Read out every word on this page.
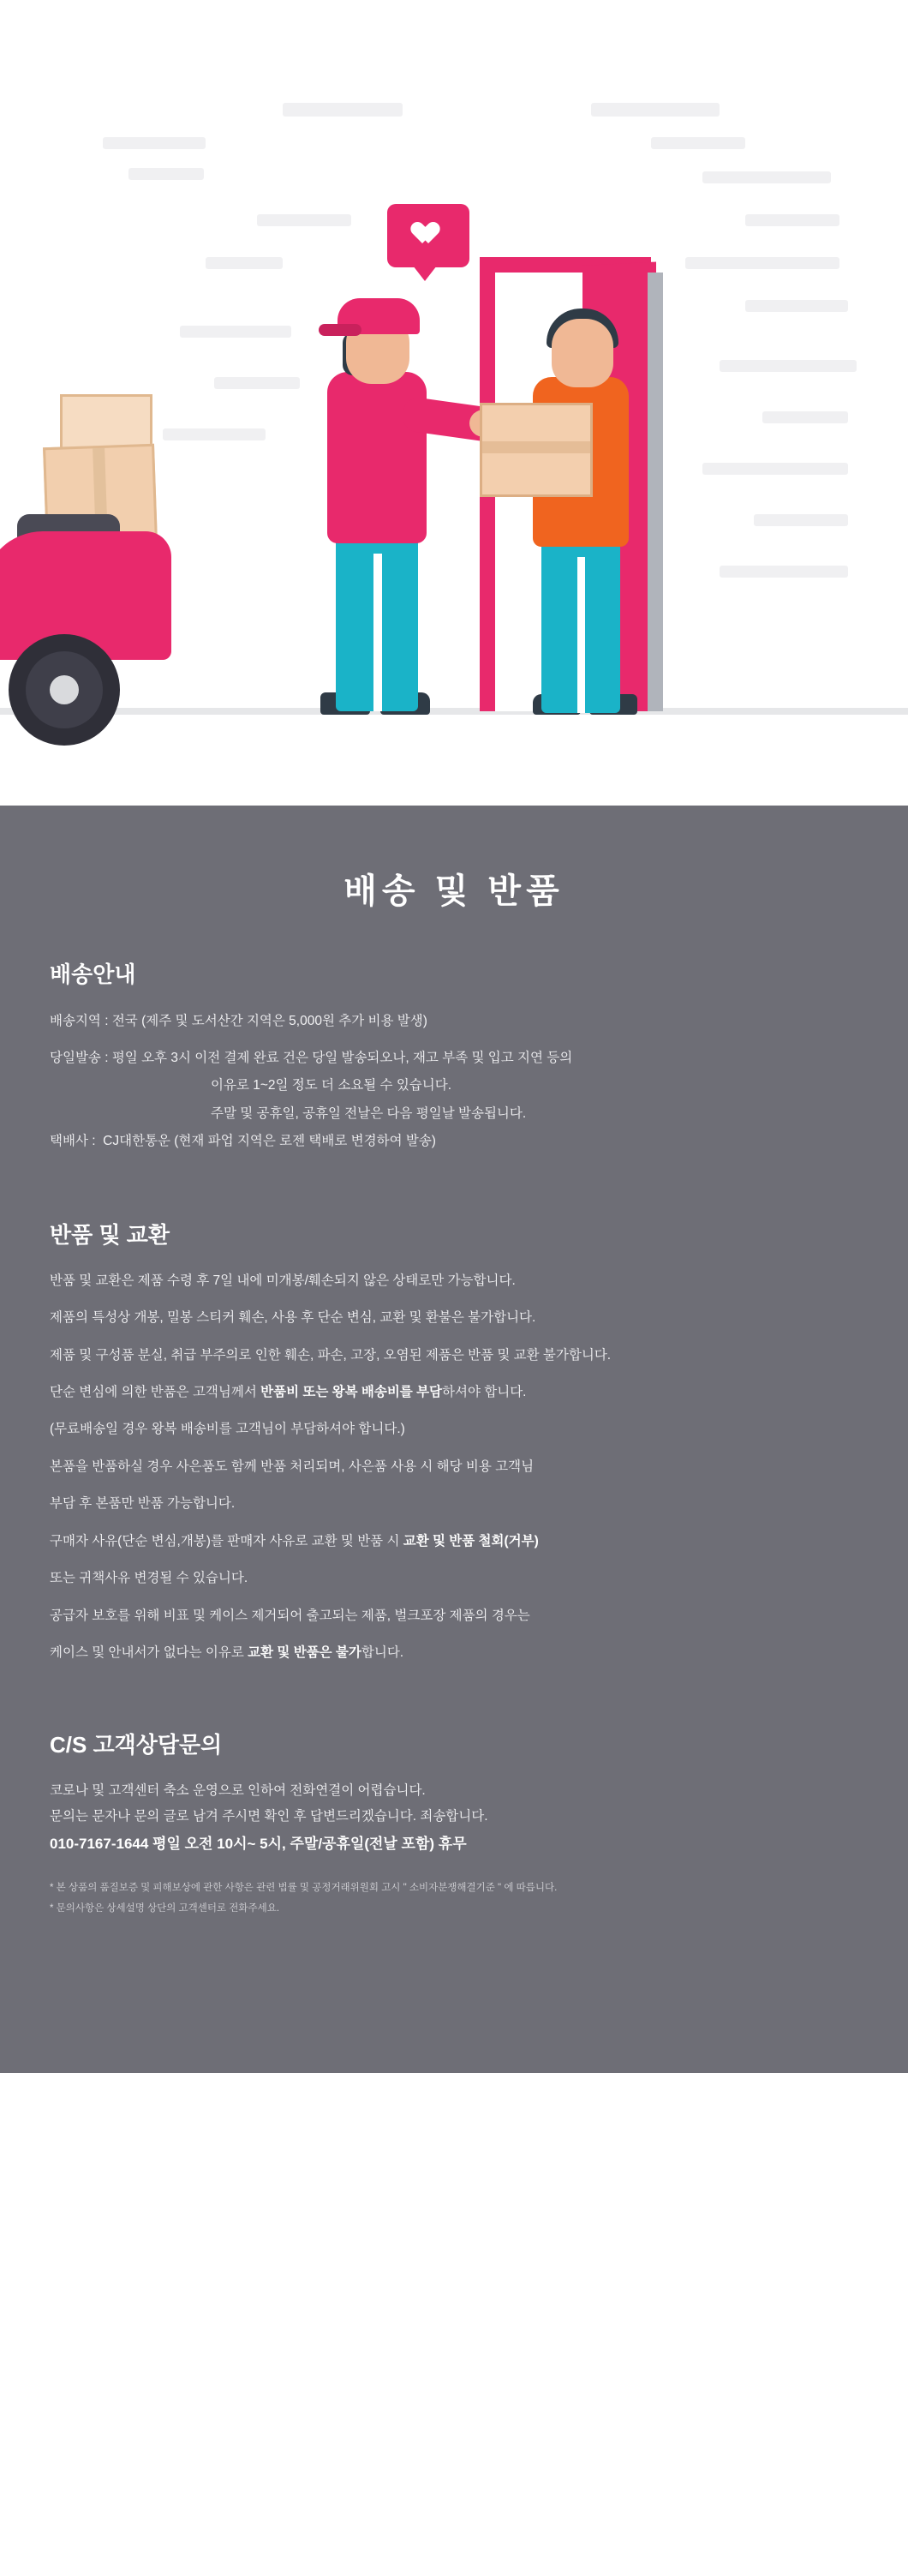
배송 및 반품
배송안내

배송지역 : 전국 (제주 및 도서산간 지역은 5,000원 추가 비용 발생)

당일발송 : 평일 오후 3시 이전 결제 완료 건은 당일 발송되오나, 재고 부족 및 입고 지연 등의

이유로 1~2일 정도 더 소요될 수 있습니다.

주말 및 공휴일, 공휴일 전날은 다음 평일날 발송됩니다.

택배사 :  CJ대한통운 (현재 파업 지역은 로젠 택배로 변경하여 발송)

반품 및 교환

반품 및 교환은 제품 수령 후 7일 내에 미개봉/훼손되지 않은 상태로만 가능합니다.

제품의 특성상 개봉, 밀봉 스티커 훼손, 사용 후 단순 변심, 교환 및 환불은 불가합니다.

제품 및 구성품 분실, 취급 부주의로 인한 훼손, 파손, 고장, 오염된 제품은 반품 및 교환 불가합니다.

단순 변심에 의한 반품은 고객님께서 반품비 또는 왕복 배송비를 부담하셔야 합니다.

(무료배송일 경우 왕복 배송비를 고객님이 부담하셔야 합니다.)

본품을 반품하실 경우 사은품도 함께 반품 처리되며, 사은품 사용 시 해당 비용 고객님

부담 후 본품만 반품 가능합니다.

구매자 사유(단순 변심,개봉)를 판매자 사유로 교환 및 반품 시 교환 및 반품 철회(거부)

또는 귀책사유 변경될 수 있습니다.

공급자 보호를 위해 비표 및 케이스 제거되어 출고되는 제품, 벌크포장 제품의 경우는

케이스 및 안내서가 없다는 이유로 교환 및 반품은 불가합니다.

C/S 고객상담문의
코로나 및 고객센터 축소 운영으로 인하여 전화연결이 어렵습니다.
문의는 문자나 문의 글로 남겨 주시면 확인 후 답변드리겠습니다. 죄송합니다.
010-7167-1644 평일 오전 10시~ 5시, 주말/공휴일(전날 포함) 휴무
* 본 상품의 품질보증 및 피해보상에 관한 사항은 관련 법률 및 공정거래위원회 고시 " 소비자분쟁해결기준 " 에 따릅니다.
* 문의사항은 상세설명 상단의 고객센터로 전화주세요.
